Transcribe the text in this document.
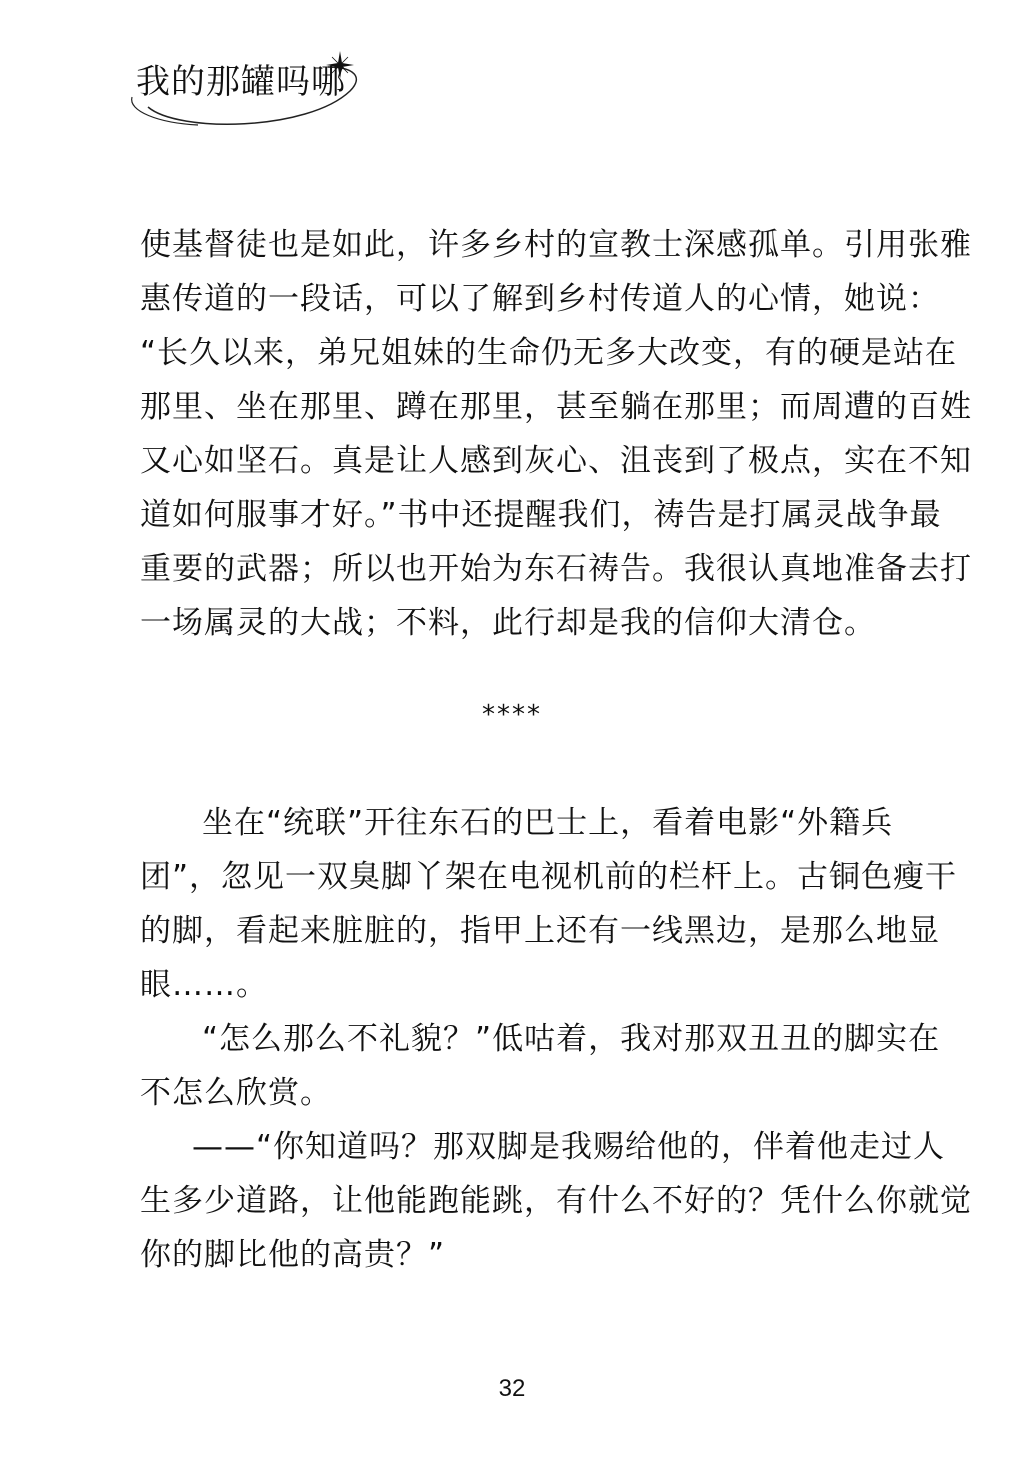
我的那罐吗哪
使基督徒也是如此，许多乡村的宣教士深感孤单。引用张雅
惠传道的一段话，可以了解到乡村传道人的心情，她说：
“长久以来，弟兄姐妹的生命仍无多大改变，有的硬是站在
那里、坐在那里、蹲在那里，甚至躺在那里；而周遭的百姓
又心如坚石。真是让人感到灰心、沮丧到了极点，实在不知
道如何服事才好。”书中还提醒我们，祷告是打属灵战争最
重要的武器；所以也开始为东石祷告。我很认真地准备去打
一场属灵的大战；不料，此行却是我的信仰大清仓。
****
坐在“统联”开往东石的巴士上，看着电影“外籍兵
团”，忽见一双臭脚丫架在电视机前的栏杆上。古铜色瘦干
的脚，看起来脏脏的，指甲上还有一线黑边，是那么地显
眼……。
“怎么那么不礼貌？”低咕着，我对那双丑丑的脚实在
不怎么欣赏。
——“你知道吗？那双脚是我赐给他的，伴着他走过人
生多少道路，让他能跑能跳，有什么不好的？凭什么你就觉
你的脚比他的高贵？”
32
